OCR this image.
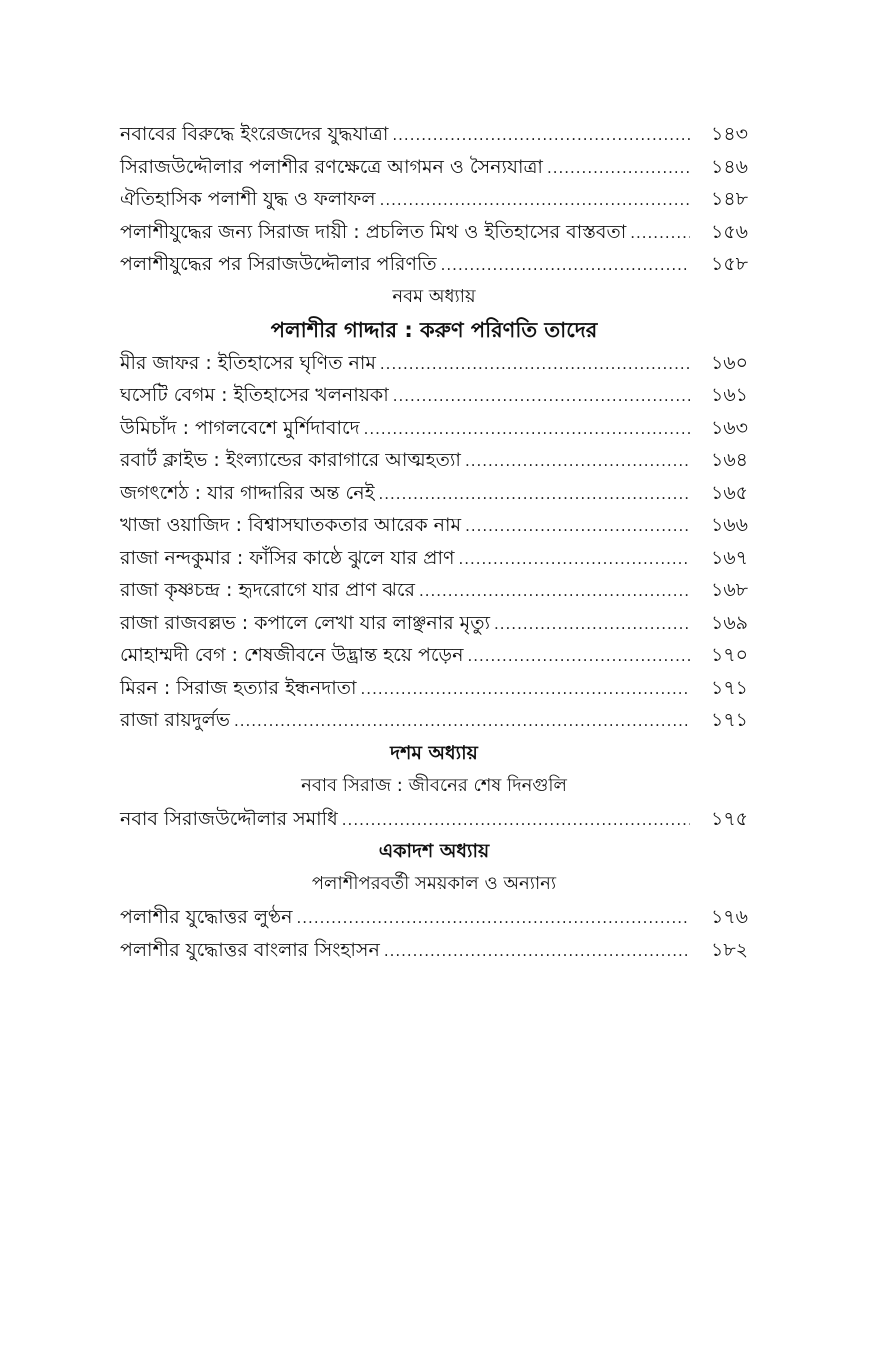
নবাবের বিরুদ্ধে ইংরেজদের যুদ্ধযাত্রা .....	১৪৩
সিরাজউদ্দৌলার পলাশীর রণক্ষেত্রে আগমন ও সৈন্যযাত্রা .....	১৪৬
ঐতিহাসিক পলাশী যুদ্ধ ও ফলাফল .....	১৪৮
পলাশীযুদ্ধের জন্য সিরাজ দায়ী : প্রচলিত মিথ ও ইতিহাসের বাস্তবতা .....	১৫৬
পলাশীযুদ্ধের পর সিরাজউদ্দৌলার পরিণতি .....	১৫৮
নবম অধ্যায়
পলাশীর গাদ্দার : করুণ পরিণতি তাদের
মীর জাফর : ইতিহাসের ঘৃণিত নাম .....	১৬০
ঘসেটি বেগম : ইতিহাসের খলনায়কা .....	১৬১
উমিচাঁদ : পাগলবেশে মুর্শিদাবাদে .....	১৬৩
রবার্ট ক্লাইভ : ইংল্যান্ডের কারাগারে আত্মহত্যা .....	১৬৪
জগৎশেঠ : যার গাদ্দারির অন্ত নেই .....	১৬৫
খাজা ওয়াজিদ : বিশ্বাসঘাতকতার আরেক নাম .....	১৬৬
রাজা নন্দকুমার : ফাঁসির কাষ্ঠে ঝুলে যার প্রাণ .....	১৬৭
রাজা কৃষ্ণচন্দ্র : হৃদরোগে যার প্রাণ ঝরে .....	১৬৮
রাজা রাজবল্লভ : কপালে লেখা যার লাঞ্ছনার মৃত্যু .....	১৬৯
মোহাম্মদী বেগ : শেষজীবনে উদ্ভ্রান্ত হয়ে পড়েন .....	১৭০
মিরন : সিরাজ হত্যার ইন্ধনদাতা .....	১৭১
রাজা রায়দুর্লভ .....	১৭১
দশম অধ্যায়
নবাব সিরাজ : জীবনের শেষ দিনগুলি
নবাব সিরাজউদ্দৌলার সমাধি .....	১৭৫
একাদশ অধ্যায়
পলাশীপরবর্তী সময়কাল ও অন্যান্য
পলাশীর যুদ্ধোত্তর লুণ্ঠন .....	১৭৬
পলাশীর যুদ্ধোত্তর বাংলার সিংহাসন .....	১৮২
